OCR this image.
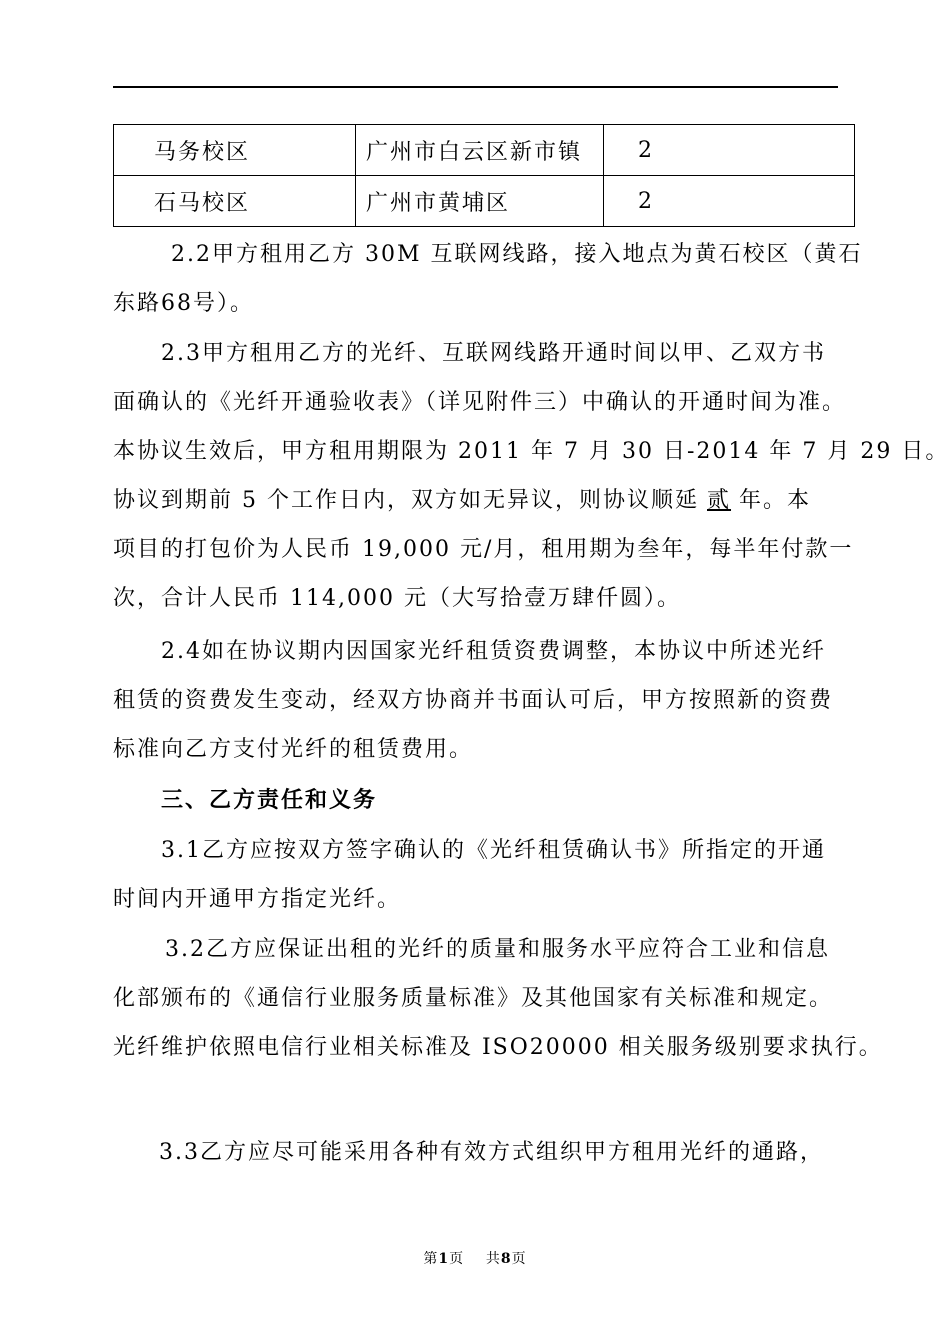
马务校区	广州市白云区新市镇	2
石马校区	广州市黄埔区	2
2.2甲方租用乙方 30M 互联网线路，接入地点为黄石校区（黄石
东路68号）。
2.3甲方租用乙方的光纤、互联网线路开通时间以甲、乙双方书
面确认的《光纤开通验收表》（详见附件三）中确认的开通时间为准。
本协议生效后，甲方租用期限为 2011 年 7 月 30 日-2014 年 7 月 29 日。
协议到期前 5 个工作日内，双方如无异议，则协议顺延 贰 年。本
项目的打包价为人民币 19,000 元/月，租用期为叁年，每半年付款一
次，合计人民币 114,000 元（大写拾壹万肆仟圆）。
2.4如在协议期内因国家光纤租赁资费调整，本协议中所述光纤
租赁的资费发生变动，经双方协商并书面认可后，甲方按照新的资费
标准向乙方支付光纤的租赁费用。
三、乙方责任和义务
3.1乙方应按双方签字确认的《光纤租赁确认书》所指定的开通
时间内开通甲方指定光纤。
3.2乙方应保证出租的光纤的质量和服务水平应符合工业和信息
化部颁布的《通信行业服务质量标准》及其他国家有关标准和规定。
光纤维护依照电信行业相关标准及 ISO20000 相关服务级别要求执行。
3.3乙方应尽可能采用各种有效方式组织甲方租用光纤的通路，
第1页 共8页
